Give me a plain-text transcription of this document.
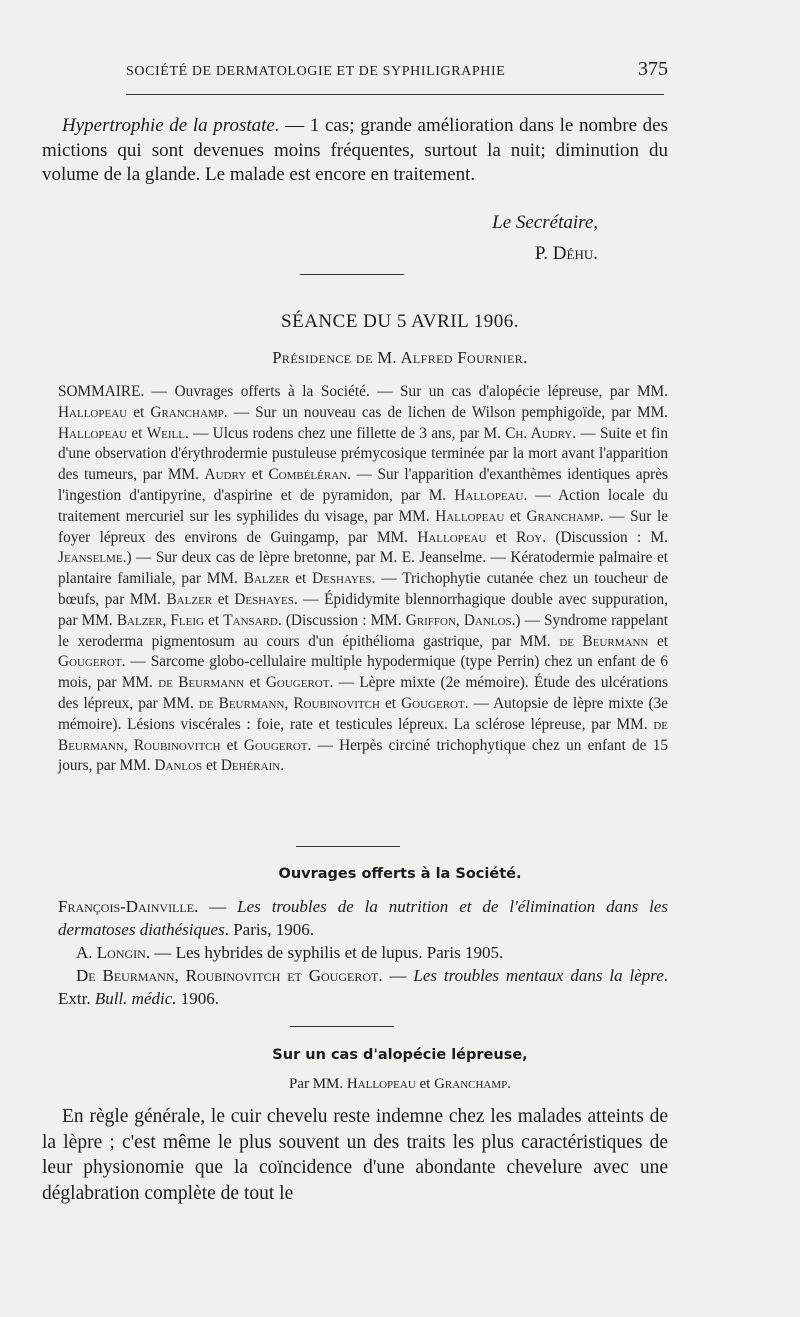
SOCIÉTÉ DE DERMATOLOGIE ET DE SYPHILIGRAPHIE	375

Hypertrophie de la prostate. — 1 cas; grande amélioration dans le nombre des mictions qui sont devenues moins fréquentes, surtout la nuit; diminution du volume de la glande. Le malade est encore en traitement.

Le Secrétaire,
P. Déhu.
SÉANCE DU 5 AVRIL 1906.
Présidence de M. Alfred Fournier.

SOMMAIRE. — Ouvrages offerts à la Société. — Sur un cas d'alopécie lépreuse, par MM. Hallopeau et Granchamp. — Sur un nouveau cas de lichen de Wilson pemphigoïde, par MM. Hallopeau et Weill. — Ulcus rodens chez une fillette de 3 ans, par M. Ch. Audry. — Suite et fin d'une observation d'érythrodermie pustuleuse prémycosique terminée par la mort avant l'apparition des tumeurs, par MM. Audry et Combéléran. — Sur l'apparition d'exanthèmes identiques après l'ingestion d'antipyrine, d'aspirine et de pyramidon, par M. Hallopeau. — Action locale du traitement mercuriel sur les syphilides du visage, par MM. Hallopeau et Granchamp. — Sur le foyer lépreux des environs de Guingamp, par MM. Hallopeau et Roy. (Discussion : M. Jeanselme.) — Sur deux cas de lèpre bretonne, par M. E. Jeanselme. — Kératodermie palmaire et plantaire familiale, par MM. Balzer et Deshayes. — Trichophytie cutanée chez un toucheur de bœufs, par MM. Balzer et Deshayes. — Épididymite blennorrhagique double avec suppuration, par MM. Balzer, Fleig et Tansard. (Discussion : MM. Griffon, Danlos.) — Syndrome rappelant le xeroderma pigmentosum au cours d'un épithélioma gastrique, par MM. de Beurmann et Gougerot. — Sarcome globo-cellulaire multiple hypodermique (type Perrin) chez un enfant de 6 mois, par MM. de Beurmann et Gougerot. — Lèpre mixte (2e mémoire). Étude des ulcérations des lépreux, par MM. de Beurmann, Roubinovitch et Gougerot. — Autopsie de lèpre mixte (3e mémoire). Lésions viscérales : foie, rate et testicules lépreux. La sclérose lépreuse, par MM. de Beurmann, Roubinovitch et Gougerot. — Herpès circiné trichophytique chez un enfant de 15 jours, par MM. Danlos et Dehérain.

Ouvrages offerts à la Société.

François-Dainville. — Les troubles de la nutrition et de l'élimination dans les dermatoses diathésiques. Paris, 1906.

A. Longin. — Les hybrides de syphilis et de lupus. Paris 1905.

De Beurmann, Roubinovitch et Gougerot. — Les troubles mentaux dans la lèpre. Extr. Bull. médic. 1906.

Sur un cas d'alopécie lépreuse,
Par MM. Hallopeau et Granchamp.

En règle générale, le cuir chevelu reste indemne chez les malades atteints de la lèpre ; c'est même le plus souvent un des traits les plus caractéristiques de leur physionomie que la coïncidence d'une abondante chevelure avec une déglabration complète de tout le
